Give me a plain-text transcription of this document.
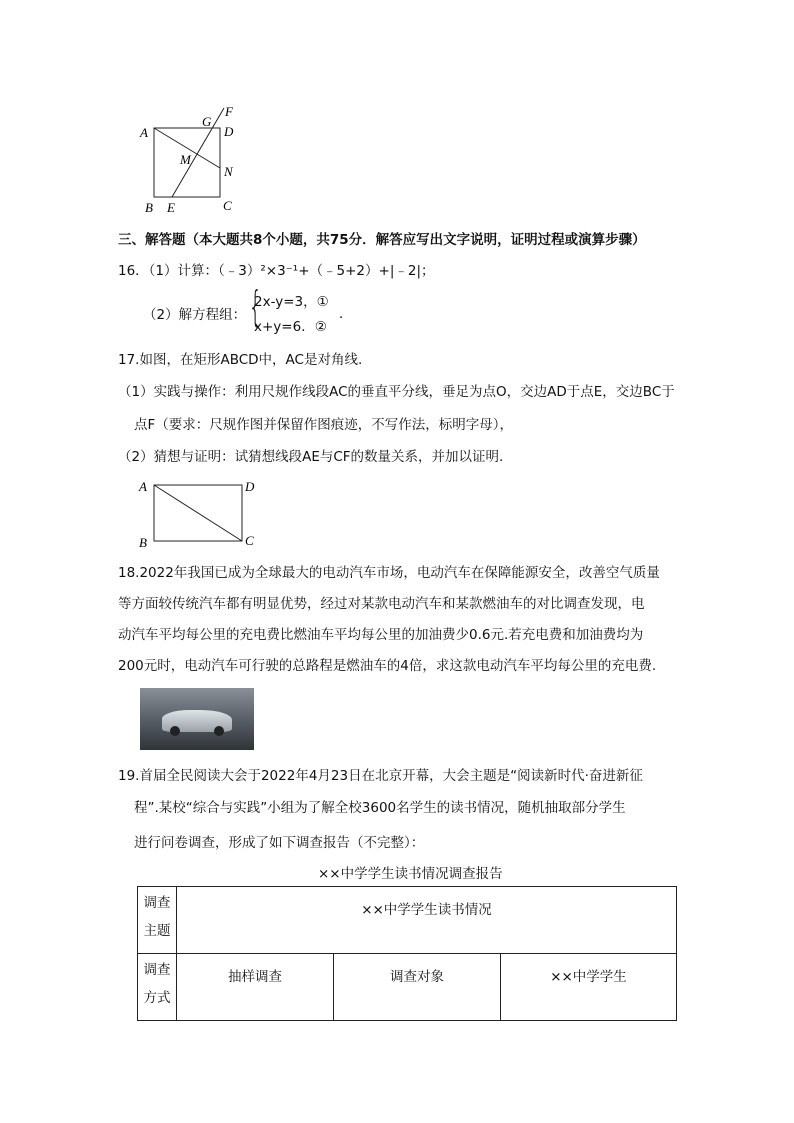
A
G
F
D
M
N
B E	C
三、解答题（本大题共8个小题，共75分．解答应写出文字说明，证明过程或演算步骤）
16．（1）计算：（﹣3）²×3⁻¹+（﹣5+2）+|﹣2|；
（2）解方程组： {
2x-y=3，①
x+y=6．②
．
17.如图，在矩形ABCD中，AC是对角线.
（1）实践与操作：利用尺规作线段AC的垂直平分线，垂足为点O，交边AD于点E，交边BC于
点F（要求：尺规作图并保留作图痕迹，不写作法，标明字母），
（2）猜想与证明：试猜想线段AE与CF的数量关系，并加以证明.
A	D
B	C
18.2022年我国已成为全球最大的电动汽车市场，电动汽车在保障能源安全，改善空气质量
等方面较传统汽车都有明显优势，经过对某款电动汽车和某款燃油车的对比调查发现，电
动汽车平均每公里的充电费比燃油车平均每公里的加油费少0.6元.若充电费和加油费均为
200元时，电动汽车可行驶的总路程是燃油车的4倍，求这款电动汽车平均每公里的充电费.
19.首届全民阅读大会于2022年4月23日在北京开幕，大会主题是“阅读新时代·奋进新征
程”.某校“综合与实践”小组为了解全校3600名学生的读书情况，随机抽取部分学生
进行问卷调查，形成了如下调查报告（不完整）：
××中学学生读书情况调查报告
调查主题	××中学学生读书情况		
调查方式	抽样调查	调查对象	××中学学生
